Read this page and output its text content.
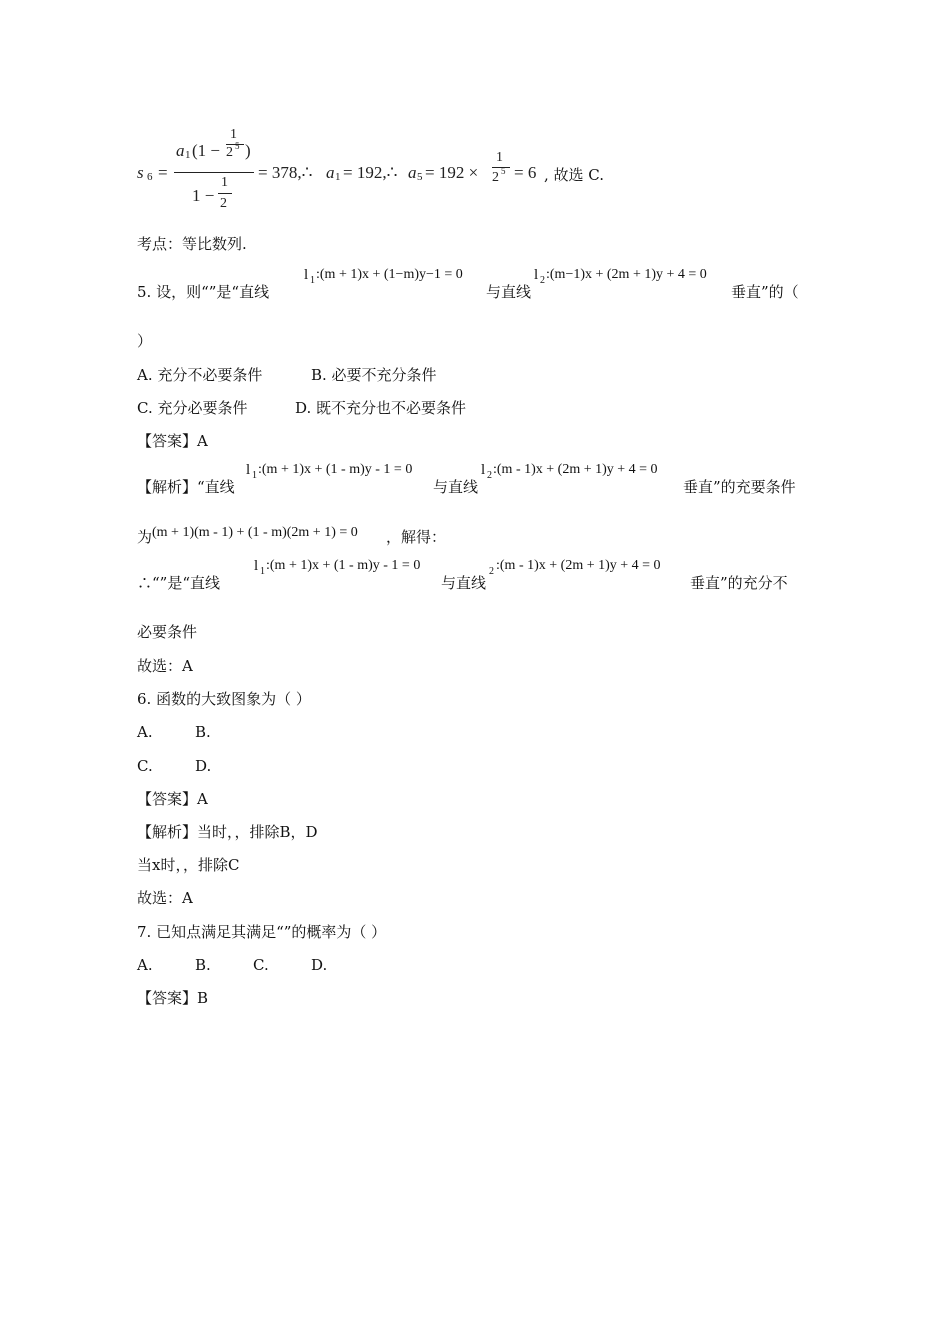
s 6 =
a 1 (1 −
1
2 5 )
1 −
1
2
= 378,∴ a 1 = 192,∴ a 5 = 192 ×
1
2 5 = 6 , 故选 C.
考点：等比数列.
5. 设，则“”是“直线
l 1 :(m + 1)x + (1−m)y−1 = 0
与直线
l 2 :(m−1)x + (2m + 1)y + 4 = 0
垂直”的（
）
A. 充分不必要条件	B. 必要不充分条件
C. 充分必要条件	D. 既不充分也不必要条件
【答案】A
【解析】“直线
l 1 :(m + 1)x + (1 - m)y - 1 = 0
与直线
l 2 :(m - 1)x + (2m + 1)y + 4 = 0
垂直”的充要条件
为 (m + 1)(m - 1) + (1 - m)(2m + 1) = 0 ，解得：
∴“”是“直线
l 1 :(m + 1)x + (1 - m)y - 1 = 0
与直线
2 :(m - 1)x + (2m + 1)y + 4 = 0
垂直”的充分不
必要条件
故选：A
6. 函数的大致图象为（ ）
A.	B.
C.	D.
【答案】A
【解析】当时，，排除B，D
当x时，，排除C
故选：A
7. 已知点满足其满足“”的概率为（ ）
A.	B.	C.	D.
【答案】B
